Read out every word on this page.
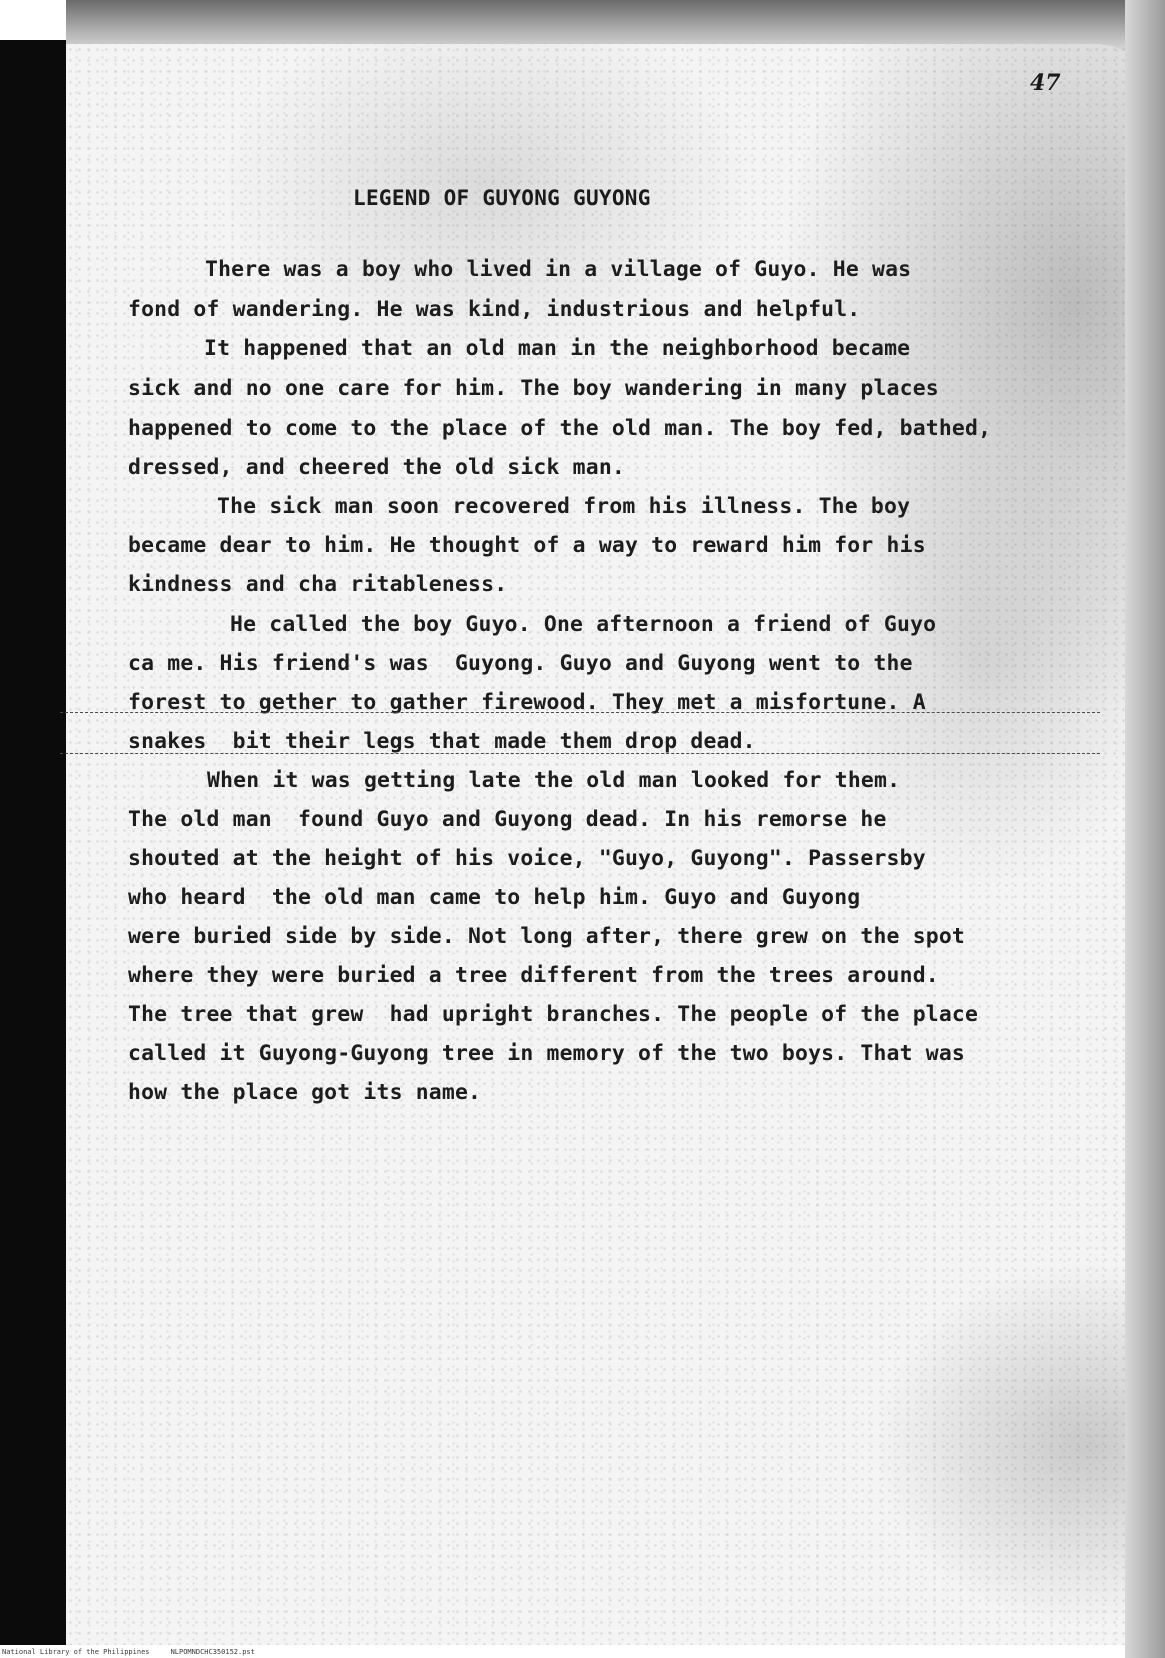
47
LEGEND OF GUYONG GUYONG
There was a boy who lived in a village of Guyo. He was
fond of wandering. He was kind, industrious and helpful.
It happened that an old man in the neighborhood became
sick and no one care for him. The boy wandering in many places
happened to come to the place of the old man. The boy fed, bathed,
dressed, and cheered the old sick man.
The sick man soon recovered from his illness. The boy
became dear to him. He thought of a way to reward him for his
kindness and cha ritableness.
He called the boy Guyo. One afternoon a friend of Guyo
ca me. His friend's was  Guyong. Guyo and Guyong went to the
forest to gether to gather firewood. They met a misfortune. A
snakes  bit their legs that made them drop dead.
When it was getting late the old man looked for them.
The old man  found Guyo and Guyong dead. In his remorse he
shouted at the height of his voice, "Guyo, Guyong". Passersby
who heard  the old man came to help him. Guyo and Guyong
were buried side by side. Not long after, there grew on the spot
where they were buried a tree different from the trees around.
The tree that grew  had upright branches. The people of the place
called it Guyong-Guyong tree in memory of the two boys. That was
how the place got its name.
National Library of the Philippines     NLPOMNDCHC350152.pst
